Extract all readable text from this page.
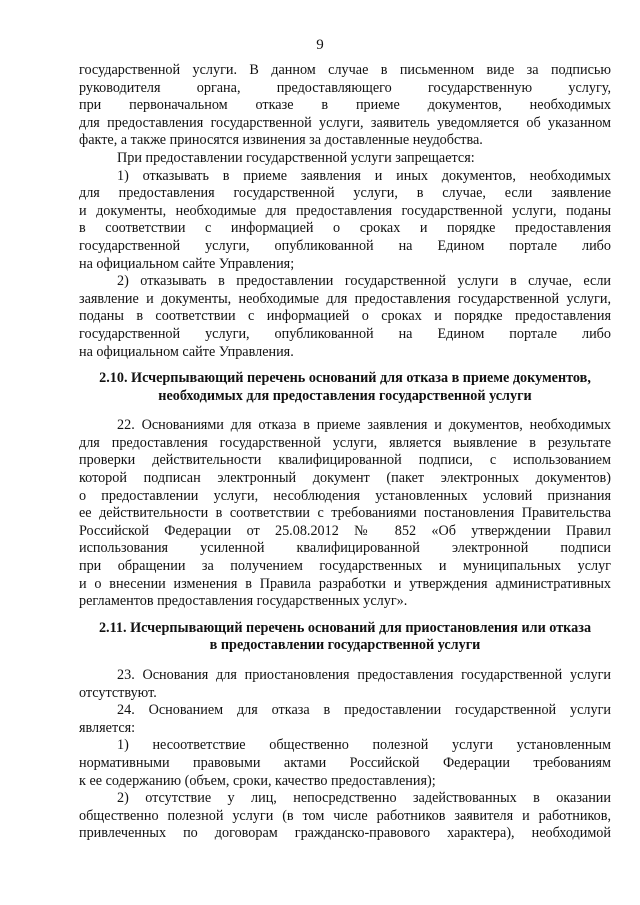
9
государственной услуги. В данном случае в письменном виде за подписью
руководителя органа, предоставляющего государственную услугу,
при первоначальном отказе в приеме документов, необходимых
для предоставления государственной услуги, заявитель уведомляется об указанном
факте, а также приносятся извинения за доставленные неудобства.
При предоставлении государственной услуги запрещается:
1) отказывать в приеме заявления и иных документов, необходимых
для предоставления государственной услуги, в случае, если заявление
и документы, необходимые для предоставления государственной услуги, поданы
в соответствии с информацией о сроках и порядке предоставления
государственной услуги, опубликованной на Едином портале либо
на официальном сайте Управления;
2) отказывать в предоставлении государственной услуги в случае, если
заявление и документы, необходимые для предоставления государственной услуги,
поданы в соответствии с информацией о сроках и порядке предоставления
государственной услуги, опубликованной на Едином портале либо
на официальном сайте Управления.
2.10. Исчерпывающий перечень оснований для отказа в приеме документов,
необходимых для предоставления государственной услуги
22. Основаниями для отказа в приеме заявления и документов, необходимых
для предоставления государственной услуги, является выявление в результате
проверки действительности квалифицированной подписи, с использованием
которой подписан электронный документ (пакет электронных документов)
о предоставлении услуги, несоблюдения установленных условий признания
ее действительности в соответствии с требованиями постановления Правительства
Российской Федерации от 25.08.2012 № 852 «Об утверждении Правил
использования усиленной квалифицированной электронной подписи
при обращении за получением государственных и муниципальных услуг
и о внесении изменения в Правила разработки и утверждения административных
регламентов предоставления государственных услуг».
2.11. Исчерпывающий перечень оснований для приостановления или отказа
в предоставлении государственной услуги
23. Основания для приостановления предоставления государственной услуги
отсутствуют.
24. Основанием для отказа в предоставлении государственной услуги
является:
1) несоответствие общественно полезной услуги установленным
нормативными правовыми актами Российской Федерации требованиям
к ее содержанию (объем, сроки, качество предоставления);
2) отсутствие у лиц, непосредственно задействованных в оказании
общественно полезной услуги (в том числе работников заявителя и работников,
привлеченных по договорам гражданско-правового характера), необходимой
